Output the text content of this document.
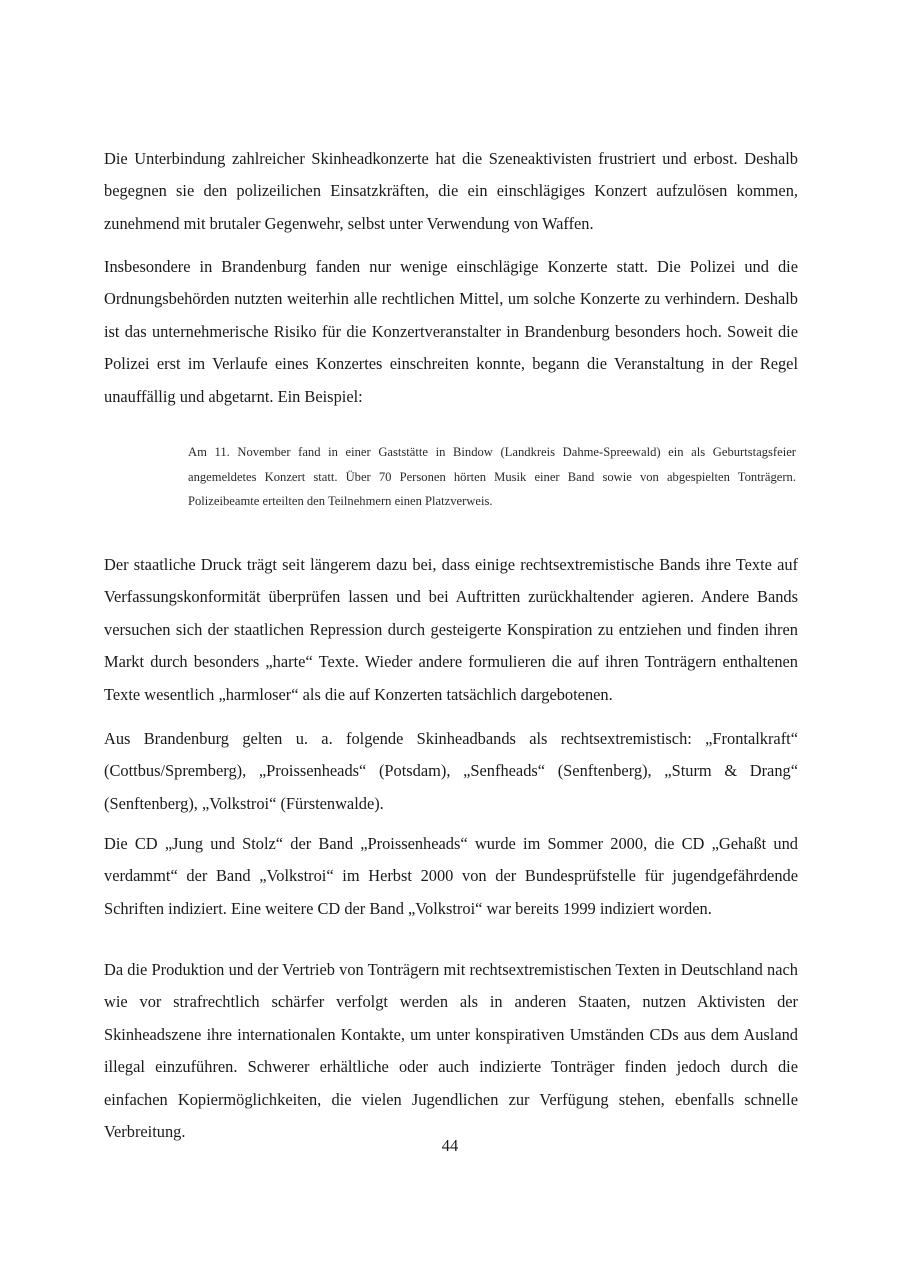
Die Unterbindung zahlreicher Skinheadkonzerte hat die Szeneaktivisten frustriert und erbost. Deshalb begegnen sie den polizeilichen Einsatzkräften, die ein einschlägiges Konzert aufzulösen kommen, zunehmend mit brutaler Gegenwehr, selbst unter Verwendung von Waffen.

Insbesondere in Brandenburg fanden nur wenige einschlägige Konzerte statt. Die Polizei und die Ordnungsbehörden nutzten weiterhin alle rechtlichen Mittel, um solche Konzerte zu verhindern. Deshalb ist das unternehmerische Risiko für die Konzertveranstalter in Brandenburg besonders hoch. Soweit die Polizei erst im Verlaufe eines Konzertes einschreiten konnte, begann die Veranstaltung in der Regel unauffällig und abgetarnt. Ein Beispiel:

Am 11. November fand in einer Gaststätte in Bindow (Landkreis Dahme-Spreewald) ein als Geburtstagsfeier angemeldetes Konzert statt. Über 70 Personen hörten Musik einer Band sowie von abgespielten Tonträgern. Polizeibeamte erteilten den Teilnehmern einen Platzverweis.

Der staatliche Druck trägt seit längerem dazu bei, dass einige rechtsextremistische Bands ihre Texte auf Verfassungskonformität überprüfen lassen und bei Auftritten zurückhaltender agieren. Andere Bands versuchen sich der staatlichen Repression durch gesteigerte Konspiration zu entziehen und finden ihren Markt durch besonders „harte“ Texte. Wieder andere formulieren die auf ihren Tonträgern enthaltenen Texte wesentlich „harmloser“ als die auf Konzerten tatsächlich dargebotenen.

Aus Brandenburg gelten u. a. folgende Skinheadbands als rechtsextremistisch: „Frontalkraft“ (Cottbus/Spremberg), „Proissenheads“ (Potsdam), „Senfheads“ (Senftenberg), „Sturm & Drang“ (Senftenberg), „Volkstroi“ (Fürstenwalde).

Die CD „Jung und Stolz“ der Band „Proissenheads“ wurde im Sommer 2000, die CD „Gehaßt und verdammt“ der Band „Volkstroi“ im Herbst 2000 von der Bundesprüfstelle für jugendgefährdende Schriften indiziert. Eine weitere CD der Band „Volkstroi“ war bereits 1999 indiziert worden.

Da die Produktion und der Vertrieb von Tonträgern mit rechtsextremistischen Texten in Deutschland nach wie vor strafrechtlich schärfer verfolgt werden als in anderen Staaten, nutzen Aktivisten der Skinheadszene ihre internationalen Kontakte, um unter konspirativen Umständen CDs aus dem Ausland illegal einzuführen. Schwerer erhältliche oder auch indizierte Tonträger finden jedoch durch die einfachen Kopiermöglichkeiten, die vielen Jugendlichen zur Verfügung stehen, ebenfalls schnelle Verbreitung.

44
